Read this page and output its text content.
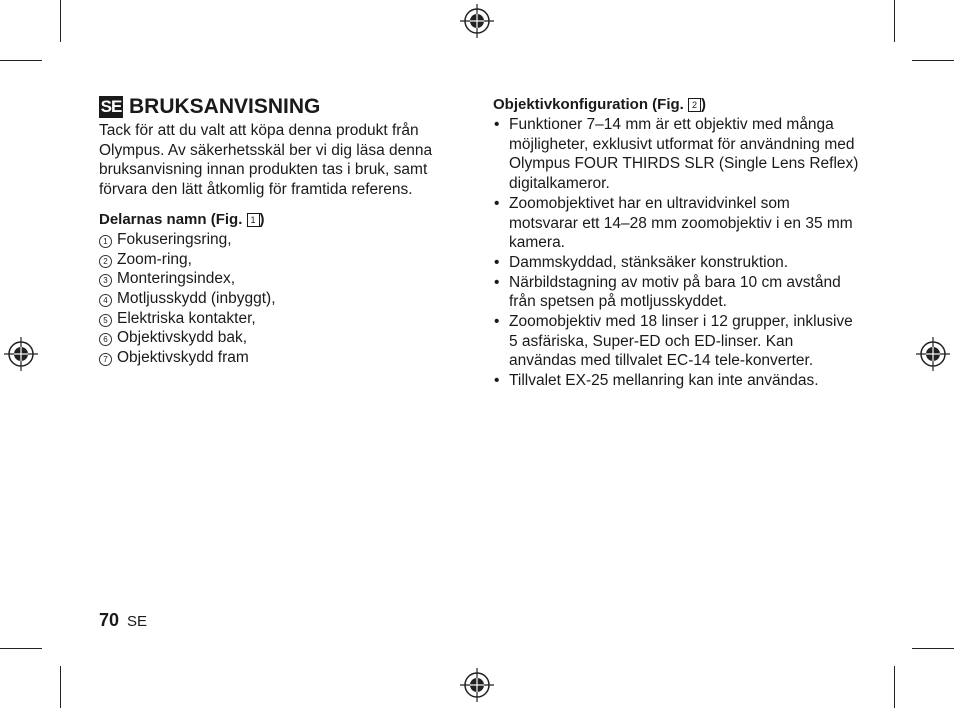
SE BRUKSANVISNING

Tack för att du valt att köpa denna produkt från Olympus. Av säkerhetsskäl ber vi dig läsa denna bruksanvisning innan produkten tas i bruk, samt förvara den lätt åtkomlig för framtida referens.

Delarnas namn (Fig. 1 )

1 Fokuseringsring,
2 Zoom-ring,
3 Monteringsindex,
4 Motljusskydd (inbyggt),
5 Elektriska kontakter,
6 Objektivskydd bak,
7 Objektivskydd fram

Objektivkonfiguration (Fig. 2 )

• Funktioner 7–14 mm är ett objektiv med många möjligheter, exklusivt utformat för användning med Olympus FOUR THIRDS SLR (Single Lens Reflex) digitalkameror.
• Zoomobjektivet har en ultravidvinkel som motsvarar ett 14–28 mm zoomobjektiv i en 35 mm kamera.
• Dammskyddad, stänksäker konstruktion.
• Närbildstagning av motiv på bara 10 cm avstånd från spetsen på motljusskyddet.
• Zoomobjektiv med 18 linser i 12 grupper, inklusive 5 asfäriska, Super-ED och ED-linser. Kan användas med tillvalet EC-14 tele-konverter.
• Tillvalet EX-25 mellanring kan inte användas.
70 SE
